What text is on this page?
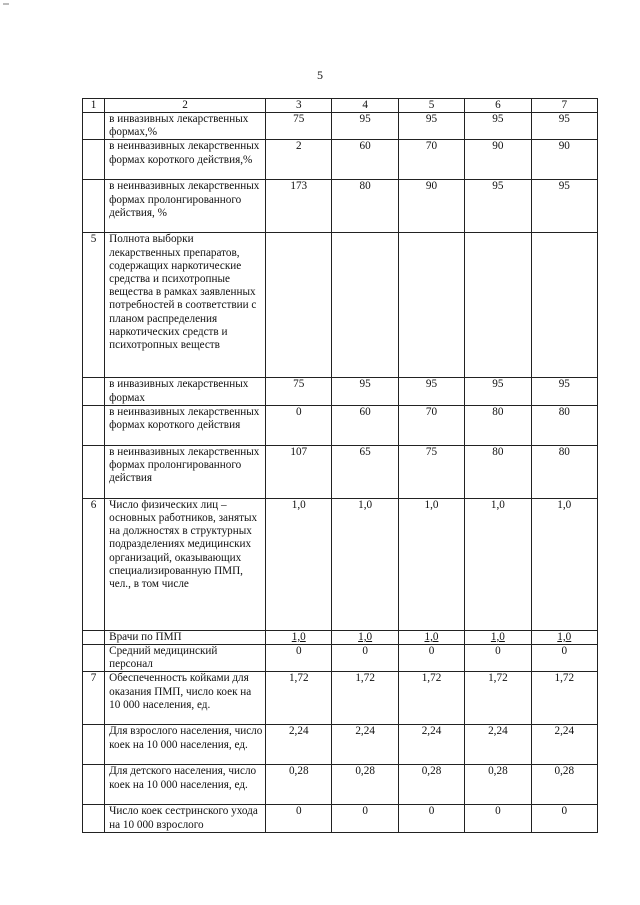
5
1	2	3	4	5	6	7
	в инвазивных лекарственных формах,%	75	95	95	95	95
	в неинвазивных лекарственных формах короткого действия,%	2	60	70	90	90
	в неинвазивных лекарственных формах пролонгированного действия, %	173	80	90	95	95
5	Полнота выборки лекарственных препаратов, содержащих наркотические средства и психотропные вещества в рамках заявленных потребностей в соответствии с планом распределения наркотических средств и психотропных веществ					
	в инвазивных лекарственных формах	75	95	95	95	95
	в неинвазивных лекарственных формах короткого действия	0	60	70	80	80
	в неинвазивных лекарственных формах пролонгированного действия	107	65	75	80	80
6	Число физических лиц – основных работников, занятых на должностях в структурных подразделениях медицинских организаций, оказывающих специализированную ПМП, чел., в том числе	1,0	1,0	1,0	1,0	1,0
	Врачи по ПМП	1,0	1,0	1,0	1,0	1,0
	Средний медицинский персонал	0	0	0	0	0
7	Обеспеченность койками для оказания ПМП, число коек на 10 000 населения, ед.	1,72	1,72	1,72	1,72	1,72
	Для взрослого населения, число коек на 10 000 населения, ед.	2,24	2,24	2,24	2,24	2,24
	Для детского населения, число коек на 10 000 населения, ед.	0,28	0,28	0,28	0,28	0,28
	Число коек сестринского ухода на 10 000 взрослого	0	0	0	0	0
